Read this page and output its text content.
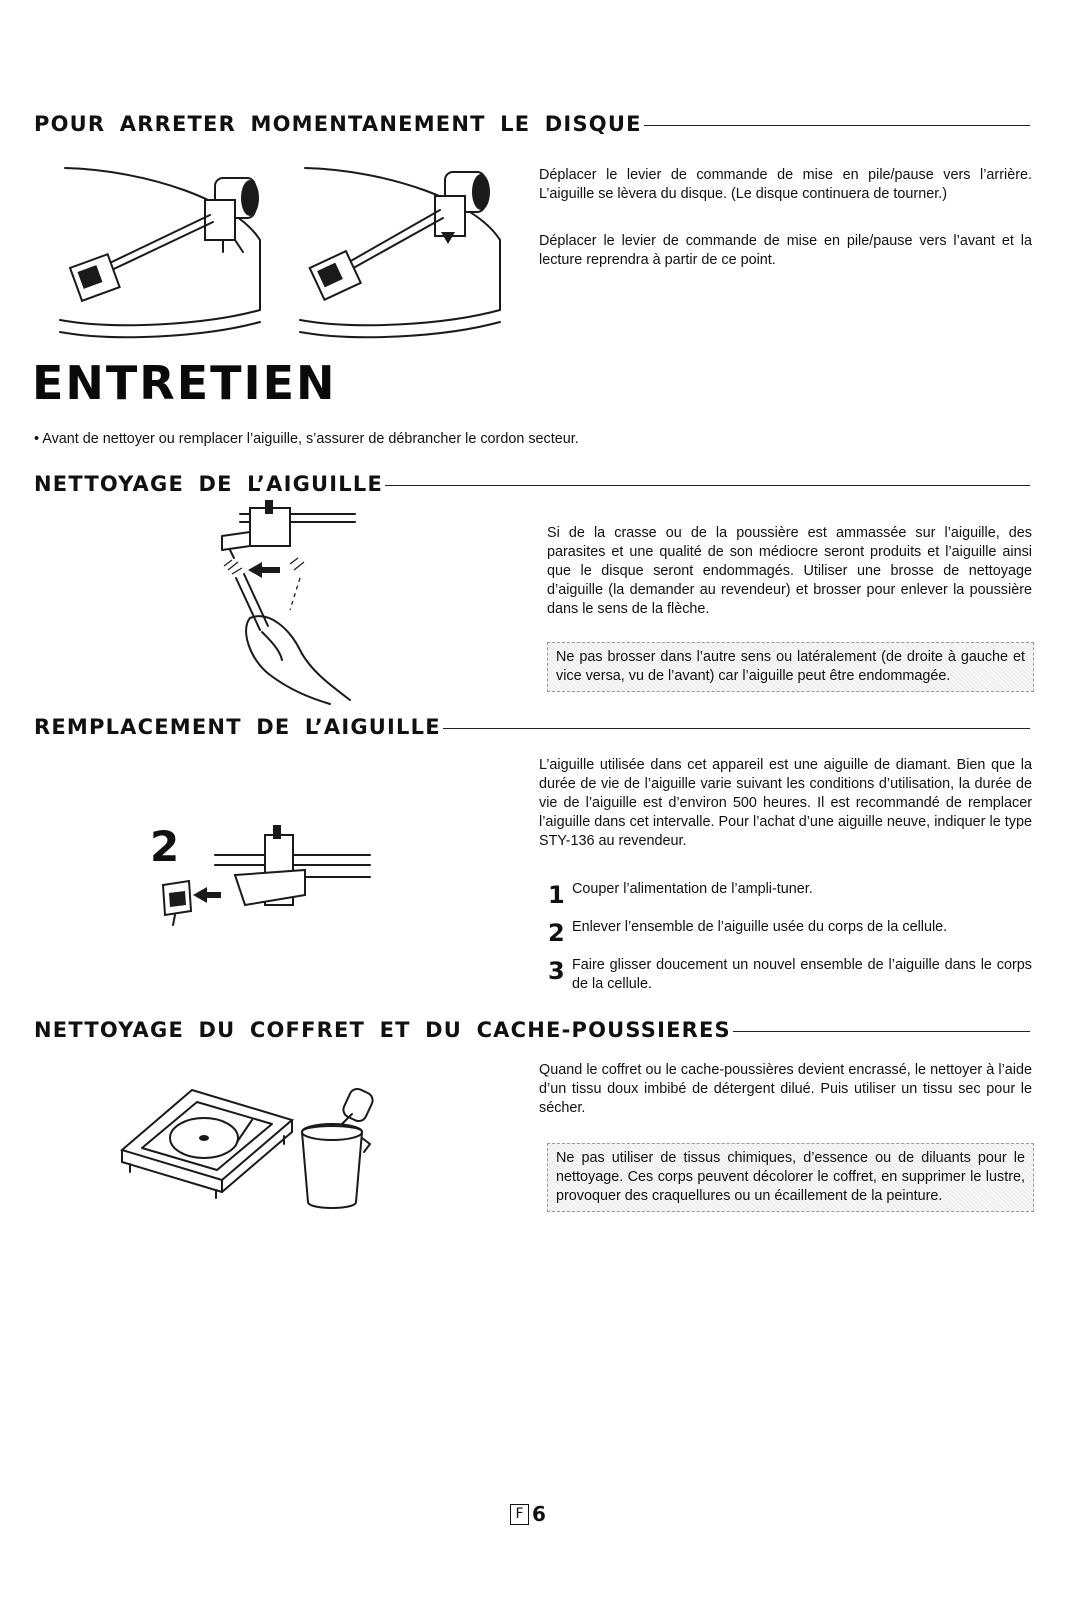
POUR ARRETER MOMENTANEMENT LE DISQUE
Déplacer le levier de commande de mise en pile/pause vers l’arrière. L’aiguille se lèvera du disque. (Le disque continuera de tourner.)
Déplacer le levier de commande de mise en pile/pause vers l’avant et la lecture reprendra à partir de ce point.
ENTRETIEN
• Avant de nettoyer ou remplacer l’aiguille, s’assurer de débrancher le cordon secteur.
NETTOYAGE DE L’AIGUILLE
Si de la crasse ou de la poussière est ammassée sur l’aiguille, des parasites et une qualité de son médiocre seront produits et l’aiguille ainsi que le disque seront endommagés. Utiliser une brosse de nettoyage d’aiguille (la demander au revendeur) et brosser pour enlever la poussière dans le sens de la flèche.
Ne pas brosser dans l’autre sens ou latéralement (de droite à gauche et vice versa, vu de l’avant) car l’aiguille peut être endommagée.
REMPLACEMENT DE L’AIGUILLE
2
L’aiguille utilisée dans cet appareil est une aiguille de diamant. Bien que la durée de vie de l’aiguille varie suivant les conditions d’utilisation, la durée de vie de l’aiguille est d’environ 500 heures. Il est recommandé de remplacer l’aiguille dans cet intervalle. Pour l’achat d’une aiguille neuve, indiquer le type STY-136 au revendeur.
1 Couper l’alimentation de l’ampli-tuner.
2 Enlever l’ensemble de l’aiguille usée du corps de la cellule.
3 Faire glisser doucement un nouvel ensemble de l’aiguille dans le corps de la cellule.
NETTOYAGE DU COFFRET ET DU CACHE-POUSSIERES
Quand le coffret ou le cache-poussières devient encrassé, le nettoyer à l’aide d’un tissu doux imbibé de détergent dilué. Puis utiliser un tissu sec pour le sécher.
Ne pas utiliser de tissus chimiques, d’essence ou de diluants pour le nettoyage. Ces corps peuvent décolorer le coffret, en supprimer le lustre, provoquer des craquellures ou un écaillement de la peinture.
F 6
